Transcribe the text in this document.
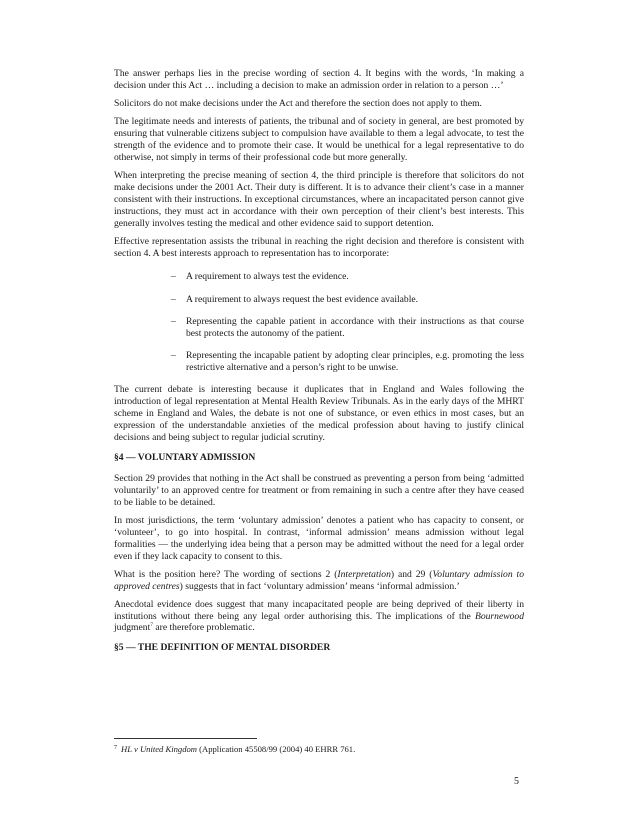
The answer perhaps lies in the precise wording of section 4. It begins with the words, ‘In making a decision under this Act … including a decision to make an admission order in relation to a person …’

Solicitors do not make decisions under the Act and therefore the section does not apply to them.

The legitimate needs and interests of patients, the tribunal and of society in general, are best promoted by ensuring that vulnerable citizens subject to compulsion have available to them a legal advocate, to test the strength of the evidence and to promote their case. It would be unethical for a legal representative to do otherwise, not simply in terms of their professional code but more generally.

When interpreting the precise meaning of section 4, the third principle is therefore that solicitors do not make decisions under the 2001 Act. Their duty is different. It is to advance their client’s case in a manner consistent with their instructions. In exceptional circumstances, where an incapacitated person cannot give instructions, they must act in accordance with their own perception of their client’s best interests. This generally involves testing the medical and other evidence said to support detention.

Effective representation assists the tribunal in reaching the right decision and therefore is consistent with section 4. A best interests approach to representation has to incorporate:

– A requirement to always test the evidence.
– A requirement to always request the best evidence available.
– Representing the capable patient in accordance with their instructions as that course best protects the autonomy of the patient.
– Representing the incapable patient by adopting clear principles, e.g. promoting the less restrictive alternative and a person’s right to be unwise.

The current debate is interesting because it duplicates that in England and Wales following the introduction of legal representation at Mental Health Review Tribunals. As in the early days of the MHRT scheme in England and Wales, the debate is not one of substance, or even ethics in most cases, but an expression of the understandable anxieties of the medical profession about having to justify clinical decisions and being subject to regular judicial scrutiny.

§4 — VOLUNTARY ADMISSION

Section 29 provides that nothing in the Act shall be construed as preventing a person from being ‘admitted voluntarily’ to an approved centre for treatment or from remaining in such a centre after they have ceased to be liable to be detained.

In most jurisdictions, the term ‘voluntary admission’ denotes a patient who has capacity to consent, or ‘volunteer’, to go into hospital. In contrast, ‘informal admission’ means admission without legal formalities — the underlying idea being that a person may be admitted without the need for a legal order even if they lack capacity to consent to this.

What is the position here? The wording of sections 2 (Interpretation) and 29 (Voluntary admission to approved centres) suggests that in fact ‘voluntary admission’ means ‘informal admission.’

Anecdotal evidence does suggest that many incapacitated people are being deprived of their liberty in institutions without there being any legal order authorising this. The implications of the Bournewood judgment$^7$ are therefore problematic.

§5 — THE DEFINITION OF MENTAL DISORDER
$^7$ HL v United Kingdom (Application 45508/99 (2004) 40 EHRR 761.
5
